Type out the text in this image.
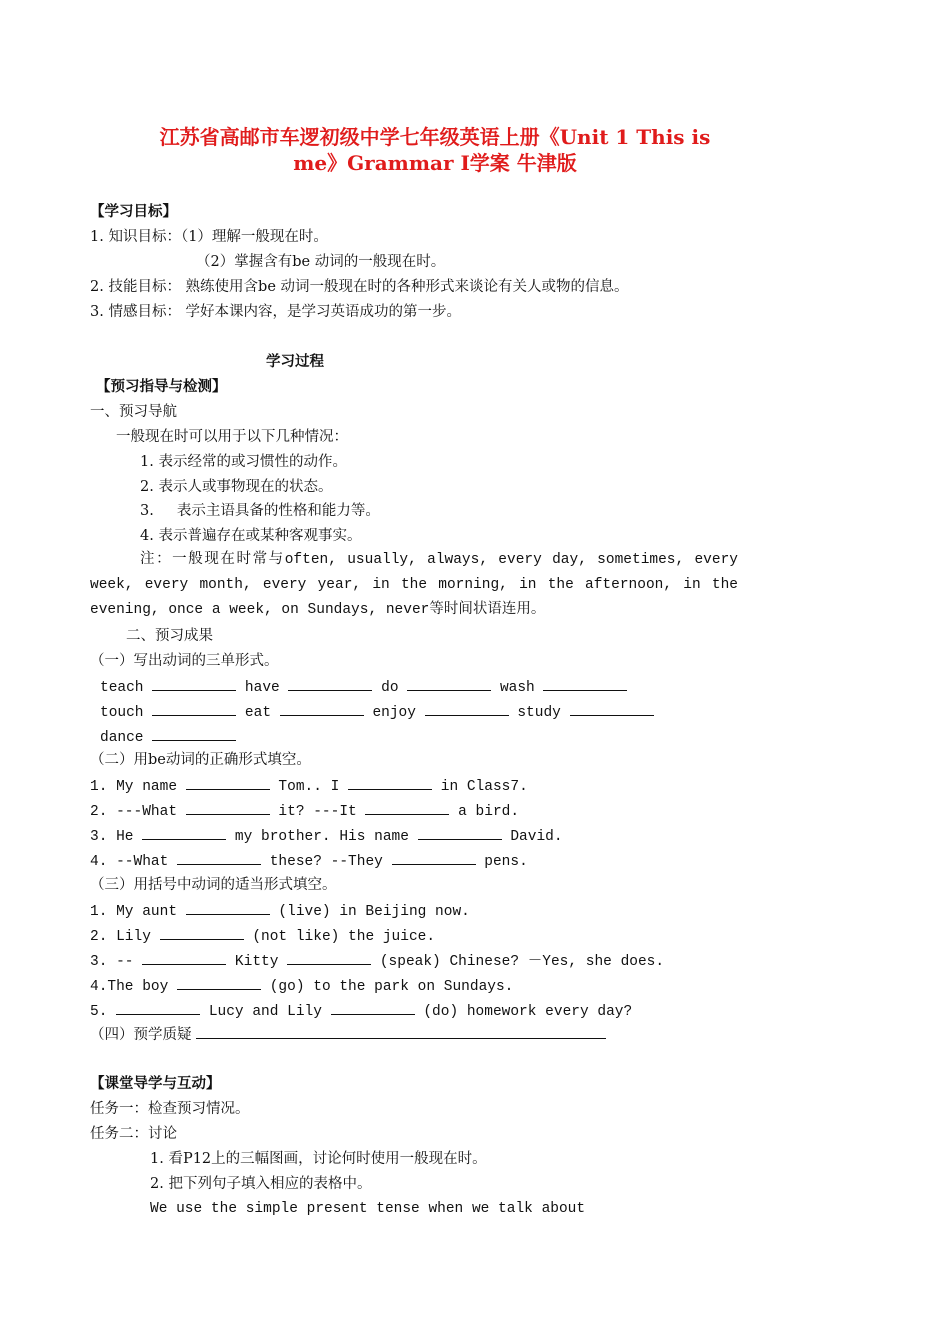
江苏省高邮市车逻初级中学七年级英语上册《Unit 1 This is
me》Grammar I学案 牛津版
【学习目标】
1. 知识目标：（1）理解一般现在时。
（2）掌握含有be 动词的一般现在时。
2. 技能目标： 熟练使用含be 动词一般现在时的各种形式来谈论有关人或物的信息。
3. 情感目标： 学好本课内容，是学习英语成功的第一步。
学习过程
【预习指导与检测】
一、预习导航
一般现在时可以用于以下几种情况：
1. 表示经常的或习惯性的动作。
2. 表示人或事物现在的状态。
3.     表示主语具备的性格和能力等。
4. 表示普遍存在或某种客观事实。
注：一般现在时常与often, usually, always, every day, sometimes, every week, every month, every year, in the morning, in the afternoon, in the evening, once a week, on Sundays, never等时间状语连用。
二、预习成果
（一）写出动词的三单形式。
teach	have	do	wash
touch	eat	enjoy	study
dance
（二）用be动词的正确形式填空。
1. My name	Tom.. I	in Class7.
2. ---What	it? ---It	a bird.
3. He	my brother. His name	David.
4. --What	these? --They	pens.
（三）用括号中动词的适当形式填空。
1. My aunt	(live) in Beijing now.
2. Lily	(not like) the juice.
3. --	Kitty	(speak) Chinese? －Yes, she does.
4.The boy	(go) to the park on Sundays.
5.	Lucy and Lily	(do) homework every day?
（四）预学质疑
【课堂导学与互动】
任务一：检查预习情况。
任务二：讨论
1. 看P12上的三幅图画，讨论何时使用一般现在时。
2. 把下列句子填入相应的表格中。
We use the simple present tense when we talk about
